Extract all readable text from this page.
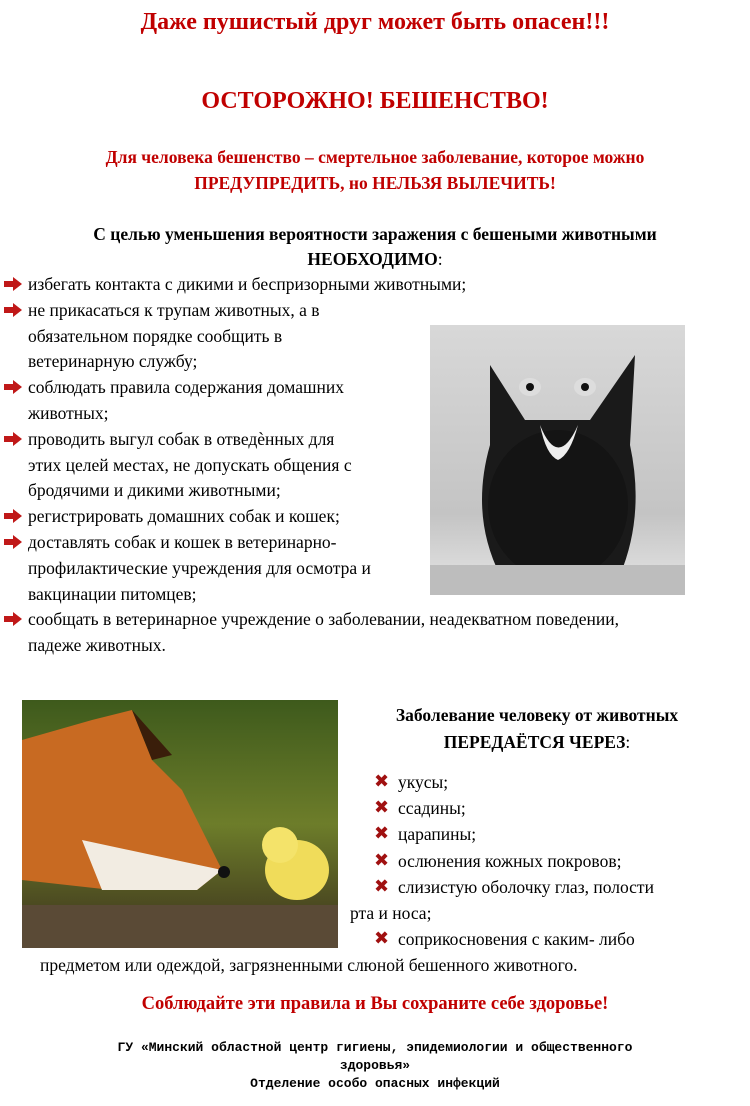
Даже пушистый друг может быть опасен!!!
ОСТОРОЖНО! БЕШЕНСТВО!
Для человека бешенство – смертельное заболевание, которое можно
ПРЕДУПРЕДИТЬ, но НЕЛЬЗЯ ВЫЛЕЧИТЬ!
С целью уменьшения вероятности заражения с бешеными животными
НЕОБХОДИМО:
избегать контакта с дикими и беспризорными животными;
не прикасаться к трупам животных, а в
обязательном порядке сообщить в
ветеринарную службу;
соблюдать правила содержания домашних
животных;
проводить выгул собак в отведѐнных для
этих целей местах, не допускать общения с
бродячими и дикими животными;
регистрировать домашних собак и кошек;
доставлять собак и кошек в ветеринарно-
профилактические учреждения для осмотра и
вакцинации питомцев;
сообщать в ветеринарное учреждение о заболевании, неадекватном поведении,
падеже животных.
Заболевание человеку от животных
ПЕРЕДАЁТСЯ ЧЕРЕЗ:
✖ укусы;
✖ ссадины;
✖ царапины;
✖ ослюнения кожных покровов;
✖ слизистую оболочку глаз, полости
✖ соприкосновения с каким- либо
рта и носа;
предметом или одеждой, загрязненными слюной бешенного животного.
Соблюдайте эти правила и Вы сохраните себе здоровье!
ГУ «Минский областной центр гигиены, эпидемиологии и общественного
здоровья»
Отделение особо опасных инфекций
